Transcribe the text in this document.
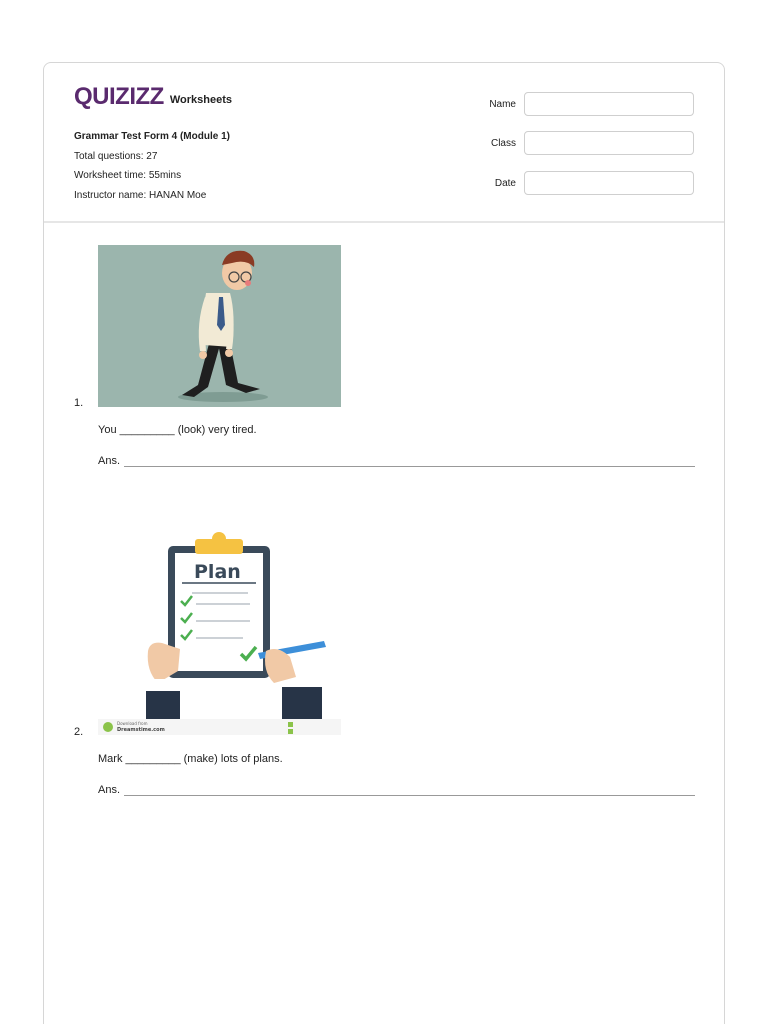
QUIZIZZ Worksheets
Grammar Test Form 4 (Module 1)
Total questions: 27
Worksheet time: 55mins
Instructor name: HANAN Moe
Name
Class
Date
1.
You _________ (look) very tired.
Ans.
Plan
Download from
Dreamstime.com
2.
Mark _________ (make) lots of plans.
Ans.
